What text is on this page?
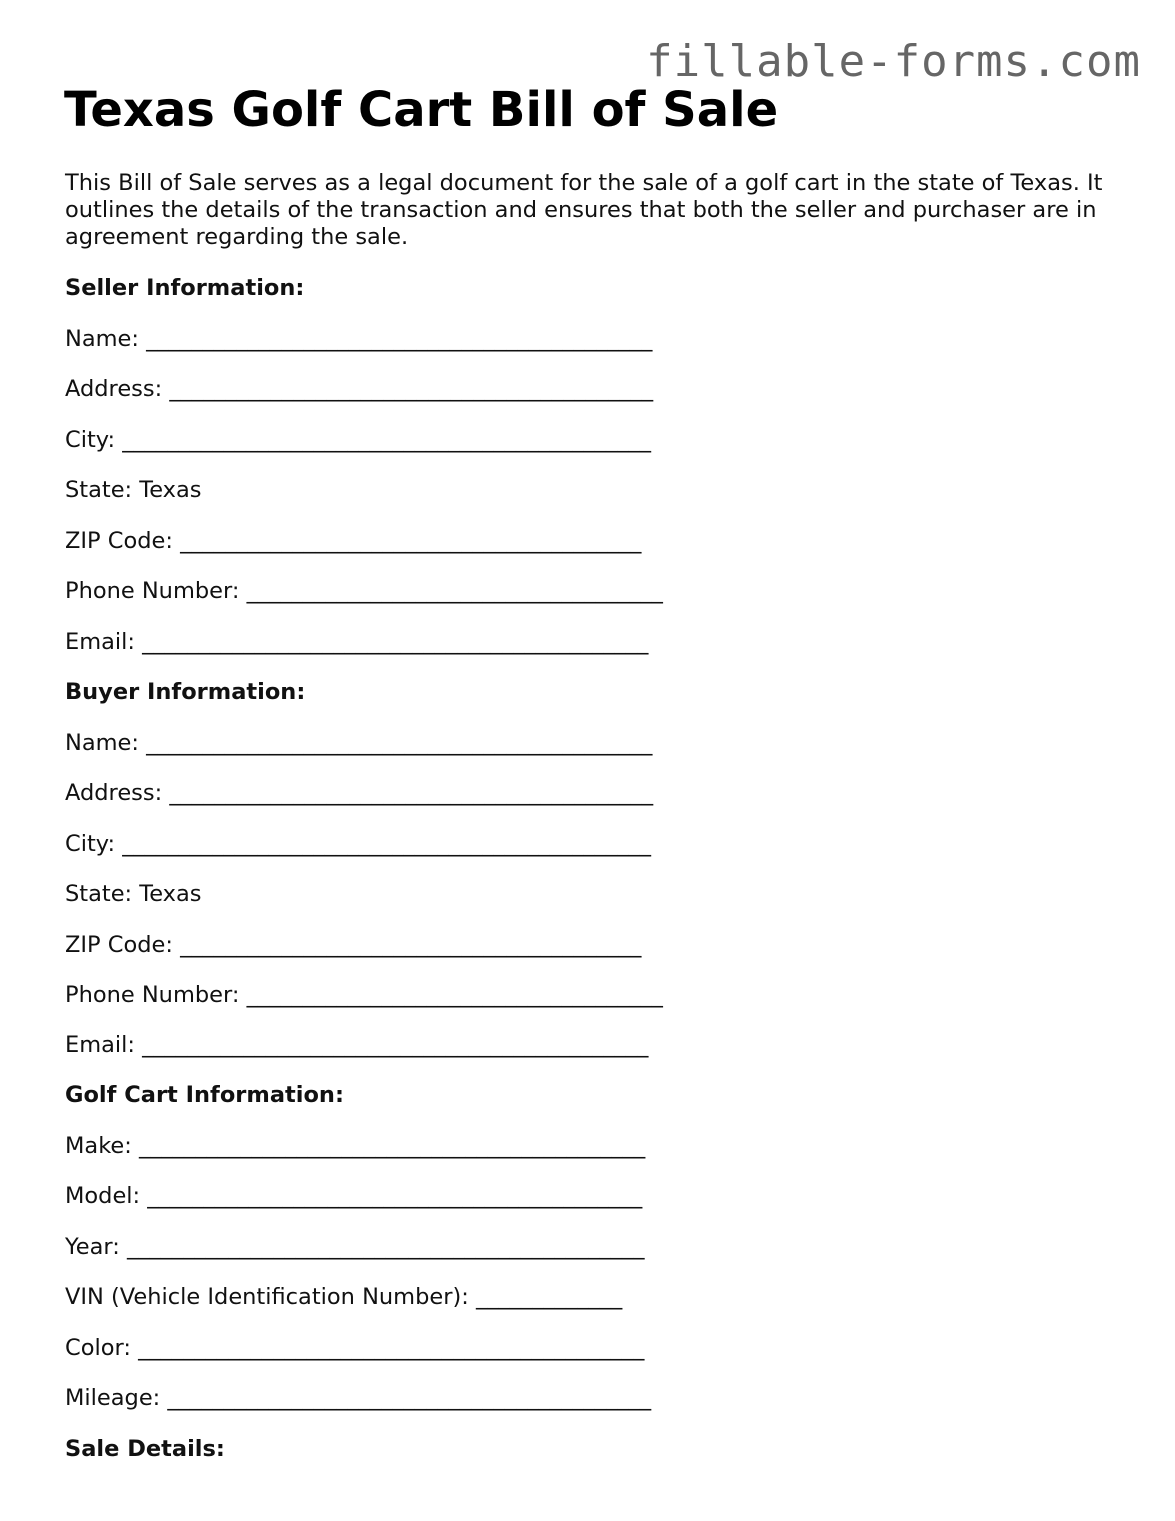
fillable-forms.com
Texas Golf Cart Bill of Sale

This Bill of Sale serves as a legal document for the sale of a golf cart in the state of Texas. It outlines the details of the transaction and ensures that both the seller and purchaser are in agreement regarding the sale.

Seller Information:
Name: _____________________________________________
Address: ___________________________________________
City: _______________________________________________
State: Texas
ZIP Code: _________________________________________
Phone Number: _____________________________________
Email: _____________________________________________
Buyer Information:
Name: _____________________________________________
Address: ___________________________________________
City: _______________________________________________
State: Texas
ZIP Code: _________________________________________
Phone Number: _____________________________________
Email: _____________________________________________
Golf Cart Information:
Make: _____________________________________________
Model: ____________________________________________
Year: ______________________________________________
VIN (Vehicle Identification Number): _____________
Color: _____________________________________________
Mileage: ___________________________________________
Sale Details:
